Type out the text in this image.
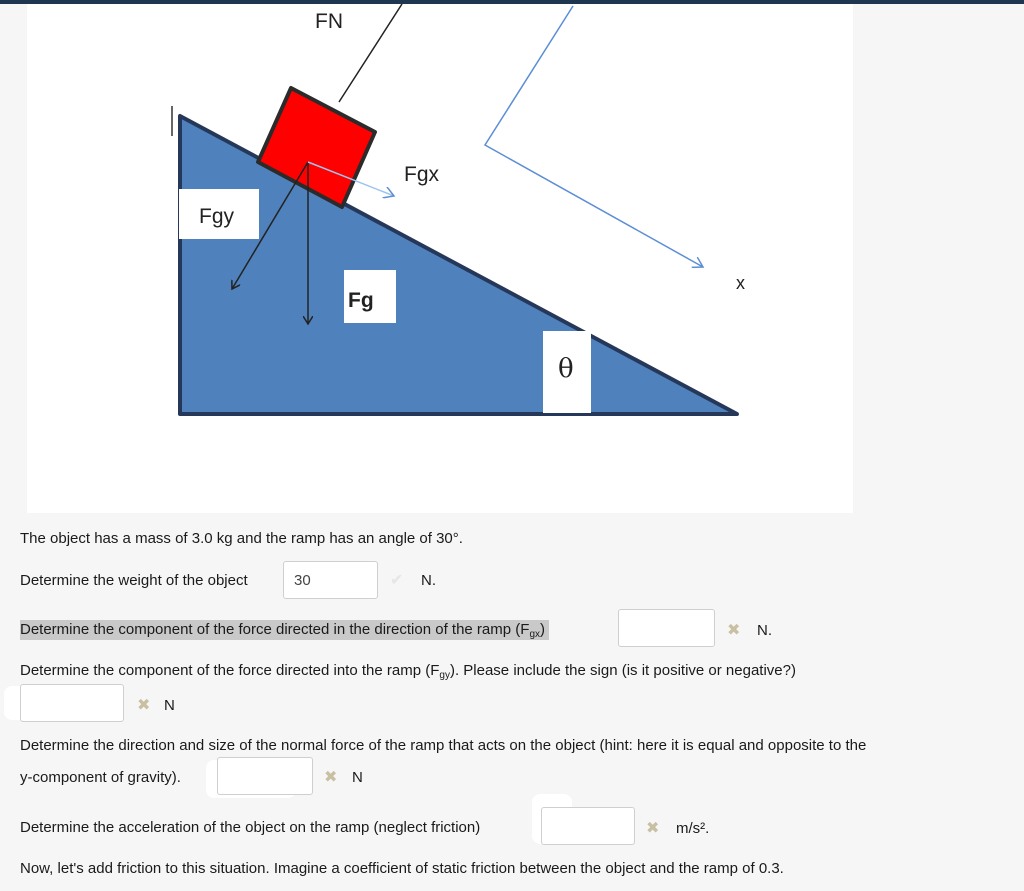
FN
Fgx
Fgy
Fg
θ
x
The object has a mass of 3.0 kg and the ramp has an angle of 30°.
Determine the weight of the object
30	✔ N.
Determine the component of the force directed in the direction of the ramp $(F_{gx})$	✖ N.
Determine the component of the force directed into the ramp $(F_{gy})$. Please include the sign (is it positive or negative?)
✖ N
Determine the direction and size of the normal force of the ramp that acts on the object (hint: here it is equal and opposite to the
y-component of gravity).	✖ N
Determine the acceleration of the object on the ramp (neglect friction)	✖ m/s².
Now, let's add friction to this situation. Imagine a coefficient of static friction between the object and the ramp of 0.3.
